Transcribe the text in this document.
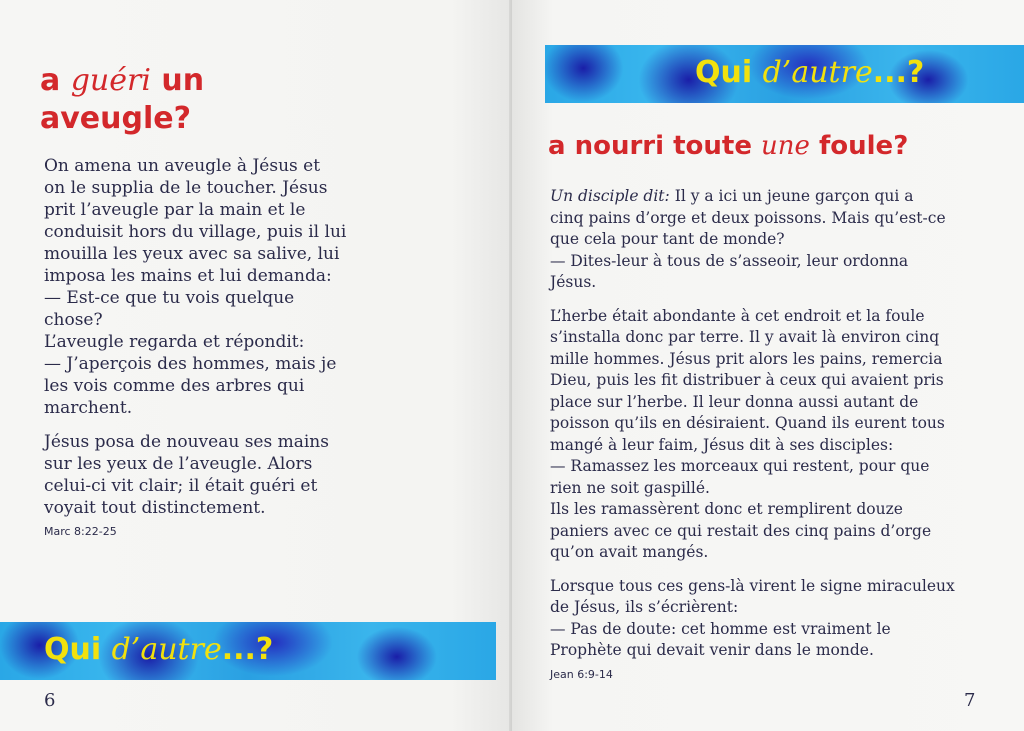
a guéri un
aveugle?

On amena un aveugle à Jésus et
on le supplia de le toucher. Jésus
prit l’aveugle par la main et le
conduisit hors du village, puis il lui
mouilla les yeux avec sa salive, lui
imposa les mains et lui demanda:
— Est-ce que tu vois quelque
chose?
L’aveugle regarda et répondit:
— J’aperçois des hommes, mais je
les vois comme des arbres qui
marchent.

Jésus posa de nouveau ses mains
sur les yeux de l’aveugle. Alors
celui-ci vit clair; il était guéri et
voyait tout distinctement.

Marc 8:22-25
Qui d’autre...?
6
Qui d’autre...?
a nourri toute une foule?

Un disciple dit: Il y a ici un jeune garçon qui a
cinq pains d’orge et deux poissons. Mais qu’est-ce
que cela pour tant de monde?
— Dites-leur à tous de s’asseoir, leur ordonna
Jésus.

L’herbe était abondante à cet endroit et la foule
s’installa donc par terre. Il y avait là environ cinq
mille hommes. Jésus prit alors les pains, remercia
Dieu, puis les fit distribuer à ceux qui avaient pris
place sur l’herbe. Il leur donna aussi autant de
poisson qu’ils en désiraient. Quand ils eurent tous
mangé à leur faim, Jésus dit à ses disciples:
— Ramassez les morceaux qui restent, pour que
rien ne soit gaspillé.
Ils les ramassèrent donc et remplirent douze
paniers avec ce qui restait des cinq pains d’orge
qu’on avait mangés.

Lorsque tous ces gens-là virent le signe miraculeux
de Jésus, ils s’écrièrent:
— Pas de doute: cet homme est vraiment le
Prophète qui devait venir dans le monde.

Jean 6:9-14
7
